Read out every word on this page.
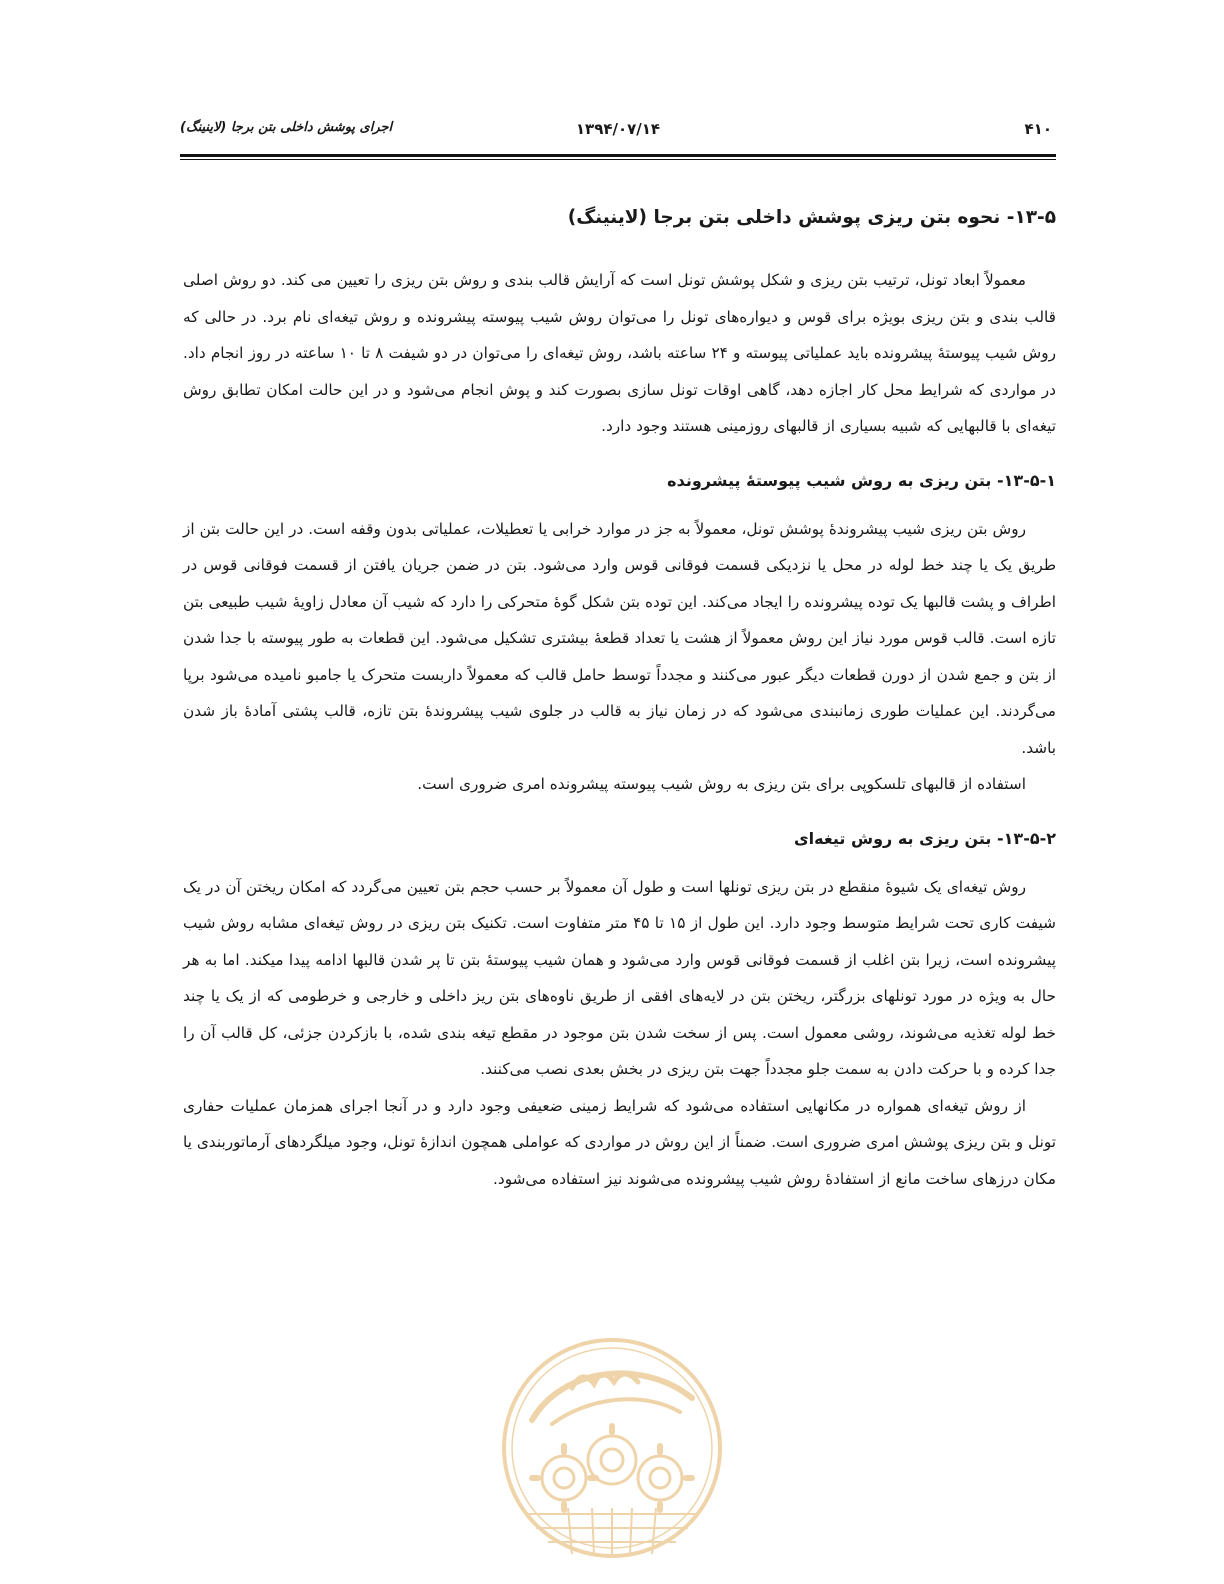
اجرای پوشش داخلی بتن برجا (لاینینگ)	۱۳۹۴/۰۷/۱۴	۴۱۰
۱۳-۵- نحوه بتن ریزی پوشش داخلی بتن برجا (لاینینگ)

معمولاً ابعاد تونل، ترتیب بتن ریزی و شکل پوشش تونل است که آرایش قالب بندی و روش بتن ریزی را تعیین می کند. دو روش اصلی قالب بندی و بتن ریزی بویژه برای قوس و دیواره‌های تونل را می‌توان روش شیب پیوسته پیشرونده و روش تیغه‌ای نام برد. در حالی که روش شیب پیوستهٔ پیشرونده باید عملیاتی پیوسته و ۲۴ ساعته باشد، روش تیغه‌ای را می‌توان در دو شیفت ۸ تا ۱۰ ساعته در روز انجام داد. در مواردی که شرایط محل کار اجازه دهد، گاهی اوقات تونل سازی بصورت کند و پوش انجام می‌شود و در این حالت امکان تطابق روش تیغه‌ای با قالبهایی که شبیه بسیاری از قالبهای روزمینی هستند وجود دارد.

۱۳-۵-۱- بتن ریزی به روش شیب پیوستهٔ پیشرونده

روش بتن ریزی شیب پیشروندهٔ پوشش تونل، معمولاً به جز در موارد خرابی یا تعطیلات، عملیاتی بدون وقفه است. در این حالت بتن از طریق یک یا چند خط لوله در محل یا نزدیکی قسمت فوقانی قوس وارد می‌شود. بتن در ضمن جریان یافتن از قسمت فوقانی قوس در اطراف و پشت قالبها یک توده پیشرونده را ایجاد می‌کند. این توده بتن شکل گوهٔ متحرکی را دارد که شیب آن معادل زاویهٔ شیب طبیعی بتن تازه است. قالب قوس مورد نیاز این روش معمولاً از هشت یا تعداد قطعهٔ بیشتری تشکیل می‌شود. این قطعات به طور پیوسته با جدا شدن از بتن و جمع شدن از دورن قطعات دیگر عبور می‌کنند و مجدداً توسط حامل قالب که معمولاً داربست متحرک یا جامبو نامیده می‌شود برپا می‌گردند. این عملیات طوری زمانبندی می‌شود که در زمان نیاز به قالب در جلوی شیب پیشروندهٔ بتن تازه، قالب پشتی آمادهٔ باز شدن باشد.

استفاده از قالبهای تلسکوپی برای بتن ریزی به روش شیب پیوسته پیشرونده امری ضروری است.

۱۳-۵-۲- بتن ریزی به روش تیغه‌ای

روش تیغه‌ای یک شیوهٔ منقطع در بتن ریزی تونلها است و طول آن معمولاً بر حسب حجم بتن تعیین می‌گردد که امکان ریختن آن در یک شیفت کاری تحت شرایط متوسط وجود دارد. این طول از ۱۵ تا ۴۵ متر متفاوت است. تکنیک بتن ریزی در روش تیغه‌ای مشابه روش شیب پیشرونده است، زیرا بتن اغلب از قسمت فوقانی قوس وارد می‌شود و همان شیب پیوستهٔ بتن تا پر شدن قالبها ادامه پیدا میکند. اما به هر حال به ویژه در مورد تونلهای بزرگتر، ریختن بتن در لایه‌های افقی از طریق ناوه‌های بتن ریز داخلی و خارجی و خرطومی که از یک یا چند خط لوله تغذیه می‌شوند، روشی معمول است. پس از سخت شدن بتن موجود در مقطع تیغه بندی شده، با بازکردن جزئی، کل قالب آن را جدا کرده و با حرکت دادن به سمت جلو مجدداً جهت بتن ریزی در بخش بعدی نصب می‌کنند.

از روش تیغه‌ای همواره در مکانهایی استفاده می‌شود که شرایط زمینی ضعیفی وجود دارد و در آنجا اجرای همزمان عملیات حفاری تونل و بتن ریزی پوشش امری ضروری است. ضمناً از این روش در مواردی که عواملی همچون اندازهٔ تونل، وجود میلگردهای آرماتوربندی یا مکان درزهای ساخت مانع از استفادهٔ روش شیب پیشرونده می‌شوند نیز استفاده می‌شود.
